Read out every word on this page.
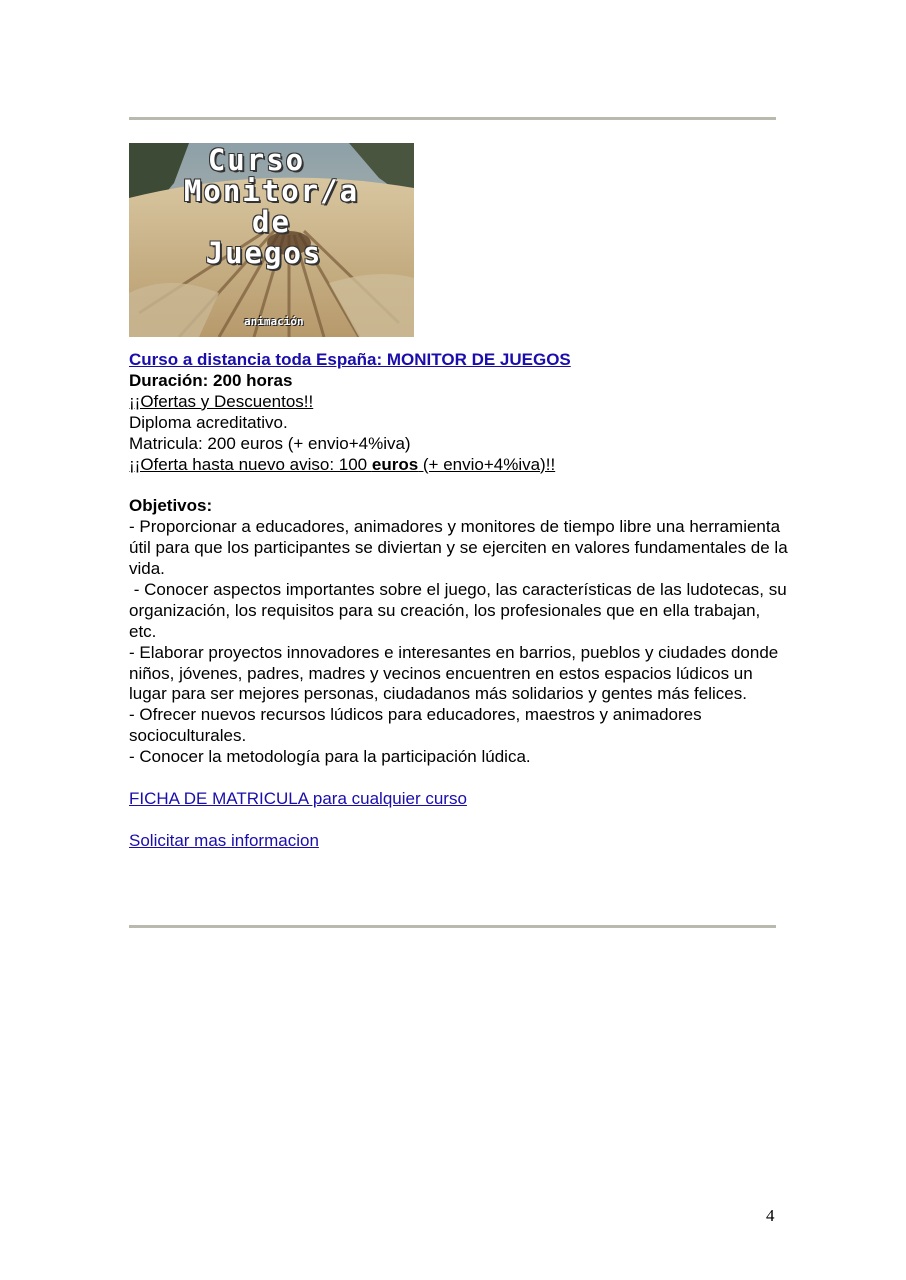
Curso
Monitor/a
de
Juegos
animación

Curso a distancia toda España: MONITOR DE JUEGOS

Duración: 200 horas

¡¡Ofertas y Descuentos!!

Diploma acreditativo.

Matricula: 200 euros (+ envio+4%iva)

¡¡Oferta hasta nuevo aviso: 100 euros (+ envio+4%iva)!!

Objetivos:

- Proporcionar a educadores, animadores y monitores de tiempo libre una herramienta útil para que los participantes se diviertan y se ejerciten en valores fundamentales de la vida.

- Conocer aspectos importantes sobre el juego, las características de las ludotecas, su organización, los requisitos para su creación, los profesionales que en ella trabajan, etc.

- Elaborar proyectos innovadores e interesantes en barrios, pueblos y ciudades donde niños, jóvenes, padres, madres y vecinos encuentren en estos espacios lúdicos un lugar para ser mejores personas, ciudadanos más solidarios y gentes más felices.

- Ofrecer nuevos recursos lúdicos para educadores, maestros y animadores socioculturales.

- Conocer la metodología para la participación lúdica.

FICHA DE MATRICULA para cualquier curso

Solicitar mas informacion

4
